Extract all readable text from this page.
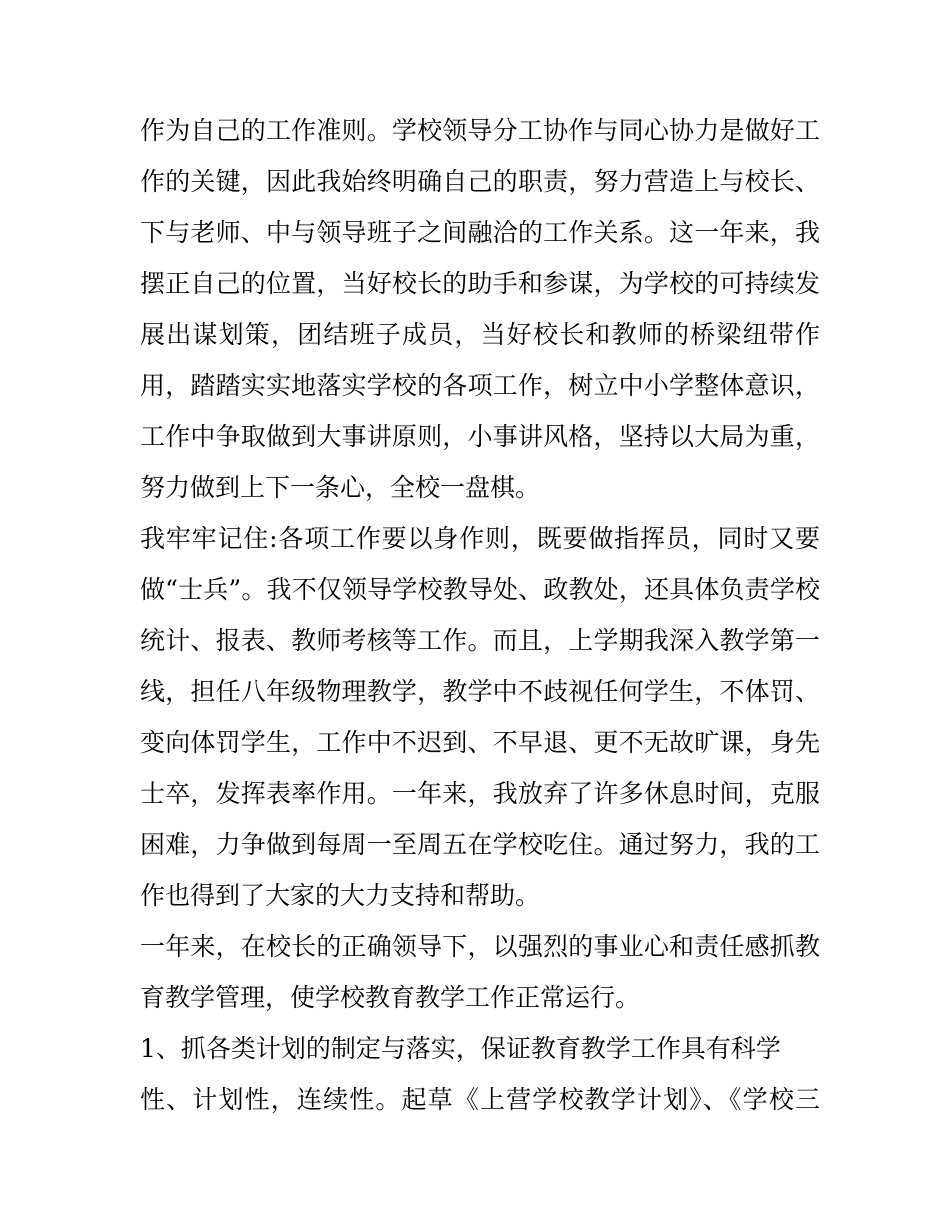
作为自己的工作准则。学校领导分工协作与同心协力是做好工
作的关键，因此我始终明确自己的职责，努力营造上与校长、
下与老师、中与领导班子之间融洽的工作关系。这一年来，我
摆正自己的位置，当好校长的助手和参谋，为学校的可持续发
展出谋划策，团结班子成员，当好校长和教师的桥梁纽带作
用，踏踏实实地落实学校的各项工作，树立中小学整体意识，
工作中争取做到大事讲原则，小事讲风格，坚持以大局为重，
努力做到上下一条心，全校一盘棋。
我牢牢记住:各项工作要以身作则，既要做指挥员，同时又要
做“士兵”。我不仅领导学校教导处、政教处，还具体负责学校
统计、报表、教师考核等工作。而且，上学期我深入教学第一
线，担任八年级物理教学，教学中不歧视任何学生，不体罚、
变向体罚学生，工作中不迟到、不早退、更不无故旷课，身先
士卒，发挥表率作用。一年来，我放弃了许多休息时间，克服
困难，力争做到每周一至周五在学校吃住。通过努力，我的工
作也得到了大家的大力支持和帮助。
一年来，在校长的正确领导下，以强烈的事业心和责任感抓教
育教学管理，使学校教育教学工作正常运行。
1、抓各类计划的制定与落实，保证教育教学工作具有科学
性、计划性，连续性。起草《上营学校教学计划》、《学校三
